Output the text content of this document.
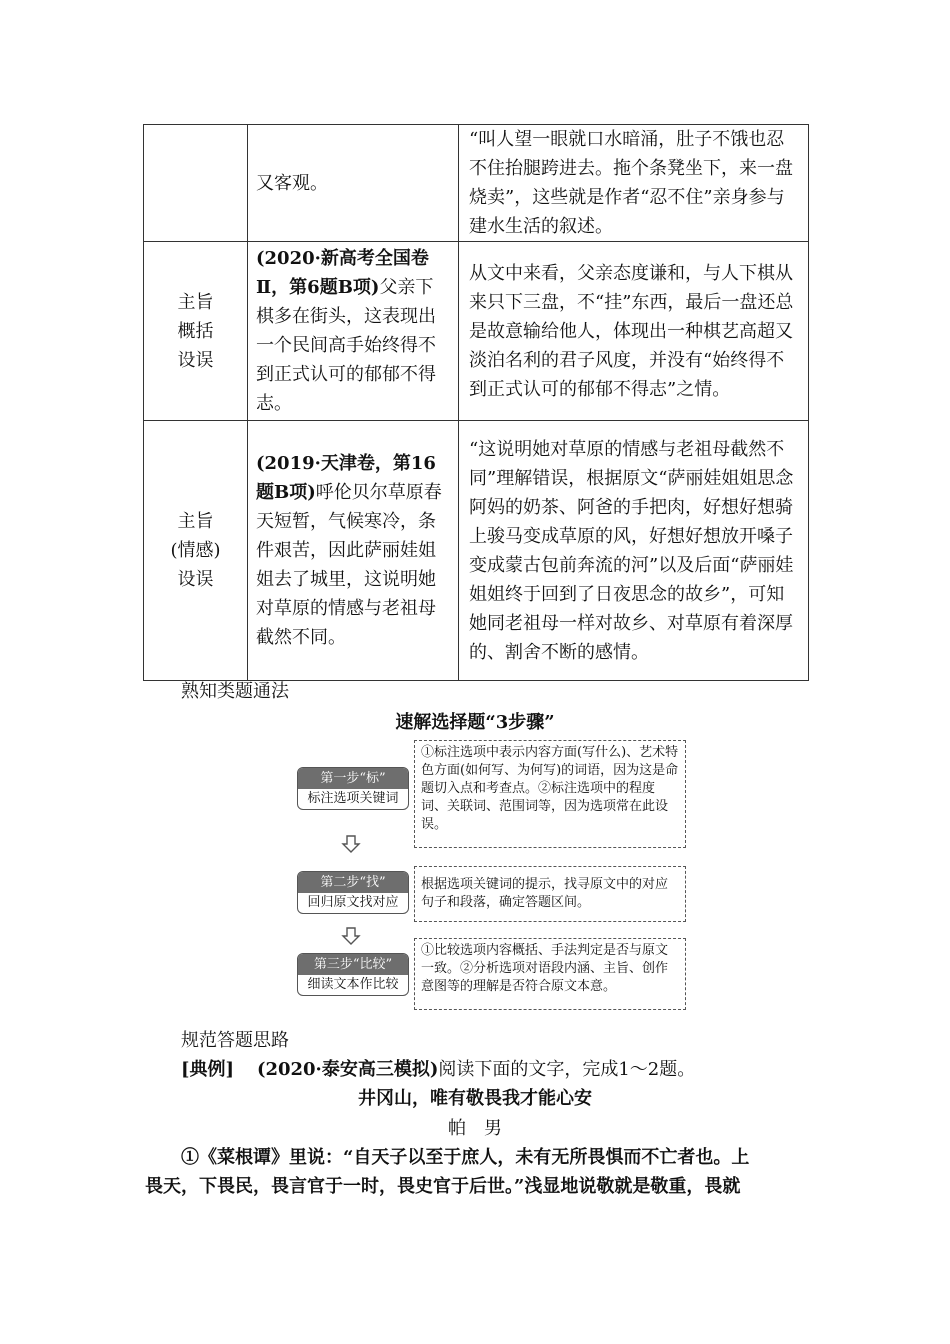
	又客观。	“叫人望一眼就口水暗涌，肚子不饿也忍不住抬腿跨进去。拖个条凳坐下，来一盘烧卖”，这些就是作者“忍不住”亲身参与建水生活的叙述。

主旨
概括
设误	(2020·新高考全国卷Ⅱ，第6题B项)父亲下棋多在街头，这表现出一个民间高手始终得不到正式认可的郁郁不得志。	从文中来看，父亲态度谦和，与人下棋从来只下三盘，不“挂”东西，最后一盘还总是故意输给他人，体现出一种棋艺高超又淡泊名利的君子风度，并没有“始终得不到正式认可的郁郁不得志”之情。

主旨
(情感)
设误	(2019·天津卷，第16题B项)呼伦贝尔草原春天短暂，气候寒冷，条件艰苦，因此萨丽娃姐姐去了城里，这说明她对草原的情感与老祖母截然不同。	“这说明她对草原的情感与老祖母截然不同”理解错误，根据原文“萨丽娃姐姐思念阿妈的奶茶、阿爸的手把肉，好想好想骑上骏马变成草原的风，好想好想放开嗓子变成蒙古包前奔流的河”以及后面“萨丽娃姐姐终于回到了日夜思念的故乡”，可知她同老祖母一样对故乡、对草原有着深厚的、割舍不断的感情。
熟知类题通法
速解选择题“3步骤”
第一步“标”
标注选项关键词
①标注选项中表示内容方面(写什么)、艺术特色方面(如何写、为何写)的词语，因为这是命题切入点和考查点。②标注选项中的程度词、关联词、范围词等，因为选项常在此设误。
第二步“找”
回归原文找对应
根据选项关键词的提示，找寻原文中的对应句子和段落，确定答题区间。
第三步“比较”
细读文本作比较
①比较选项内容概括、手法判定是否与原文一致。②分析选项对语段内涵、主旨、创作意图等的理解是否符合原文本意。
规范答题思路
[典例] (2020·泰安高三模拟)阅读下面的文字，完成1～2题。
井冈山，唯有敬畏我才能心安
帕　男
①《菜根谭》里说：“自天子以至于庶人，未有无所畏惧而不亡者也。上
畏天，下畏民，畏言官于一时，畏史官于后世。”浅显地说敬就是敬重，畏就
